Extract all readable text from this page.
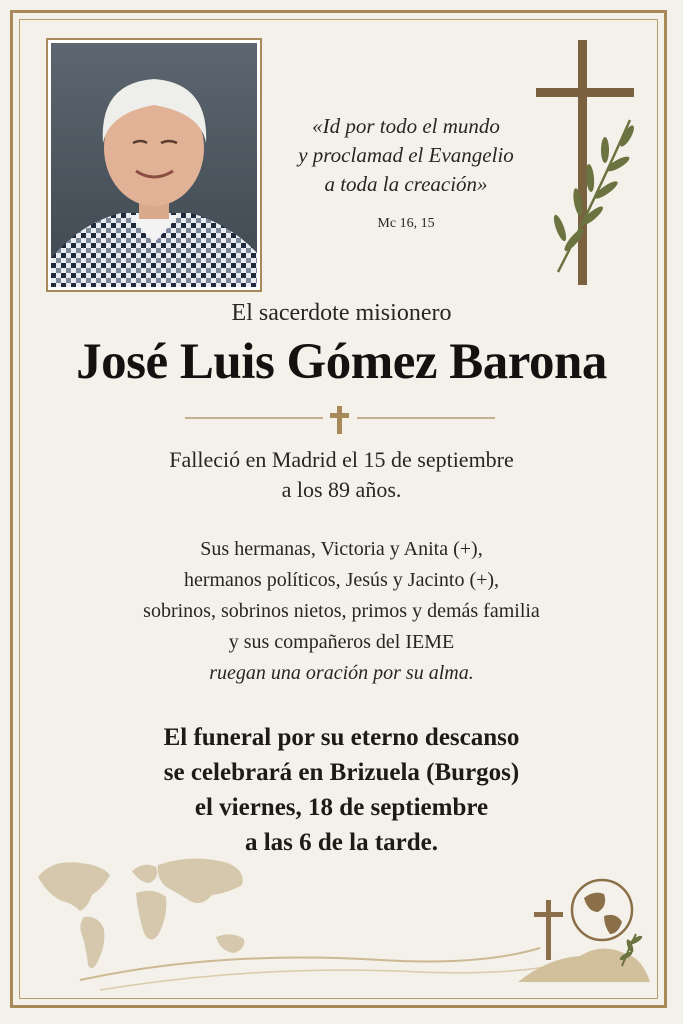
«Id por todo el mundo
y proclamad el Evangelio
a toda la creación»
Mc 16, 15
El sacerdote misionero
José Luis Gómez Barona
Falleció en Madrid el 15 de septiembre
a los 89 años.
Sus hermanas, Victoria y Anita (+),
hermanos políticos, Jesús y Jacinto (+),
sobrinos, sobrinos nietos, primos y demás familia
y sus compañeros del IEME
ruegan una oración por su alma.
El funeral por su eterno descanso
se celebrará en Brizuela (Burgos)
el viernes, 18 de septiembre
a las 6 de la tarde.
